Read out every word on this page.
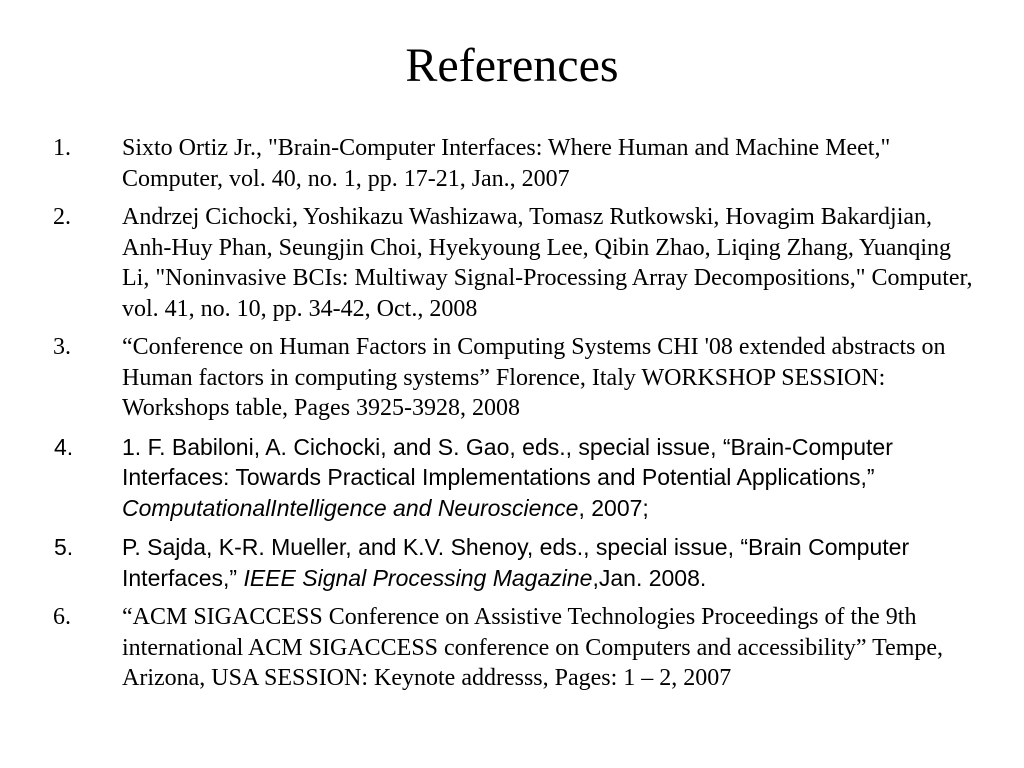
References
1. Sixto Ortiz Jr., "Brain-Computer Interfaces: Where Human and Machine Meet," Computer, vol. 40, no. 1, pp. 17-21, Jan., 2007
2. Andrzej Cichocki, Yoshikazu Washizawa, Tomasz Rutkowski, Hovagim Bakardjian, Anh-Huy Phan, Seungjin Choi, Hyekyoung Lee, Qibin Zhao, Liqing Zhang, Yuanqing Li, "Noninvasive BCIs: Multiway Signal-Processing Array Decompositions," Computer, vol. 41, no. 10, pp. 34-42, Oct., 2008
3. “Conference on Human Factors in Computing Systems CHI '08 extended abstracts on Human factors in computing systems” Florence, Italy WORKSHOP SESSION: Workshops table, Pages 3925-3928, 2008
4. 1. F. Babiloni, A. Cichocki, and S. Gao, eds., special issue, “Brain-Computer Interfaces: Towards Practical Implementations and Potential Applications,” ComputationalIntelligence and Neuroscience, 2007;
5. P. Sajda, K-R. Mueller, and K.V. Shenoy, eds., special issue, “Brain Computer Interfaces,” IEEE Signal Processing Magazine,Jan. 2008.
6. “ACM SIGACCESS Conference on Assistive Technologies Proceedings of the 9th international ACM SIGACCESS conference on Computers and accessibility” Tempe, Arizona, USA SESSION: Keynote addresss, Pages: 1 – 2, 2007
